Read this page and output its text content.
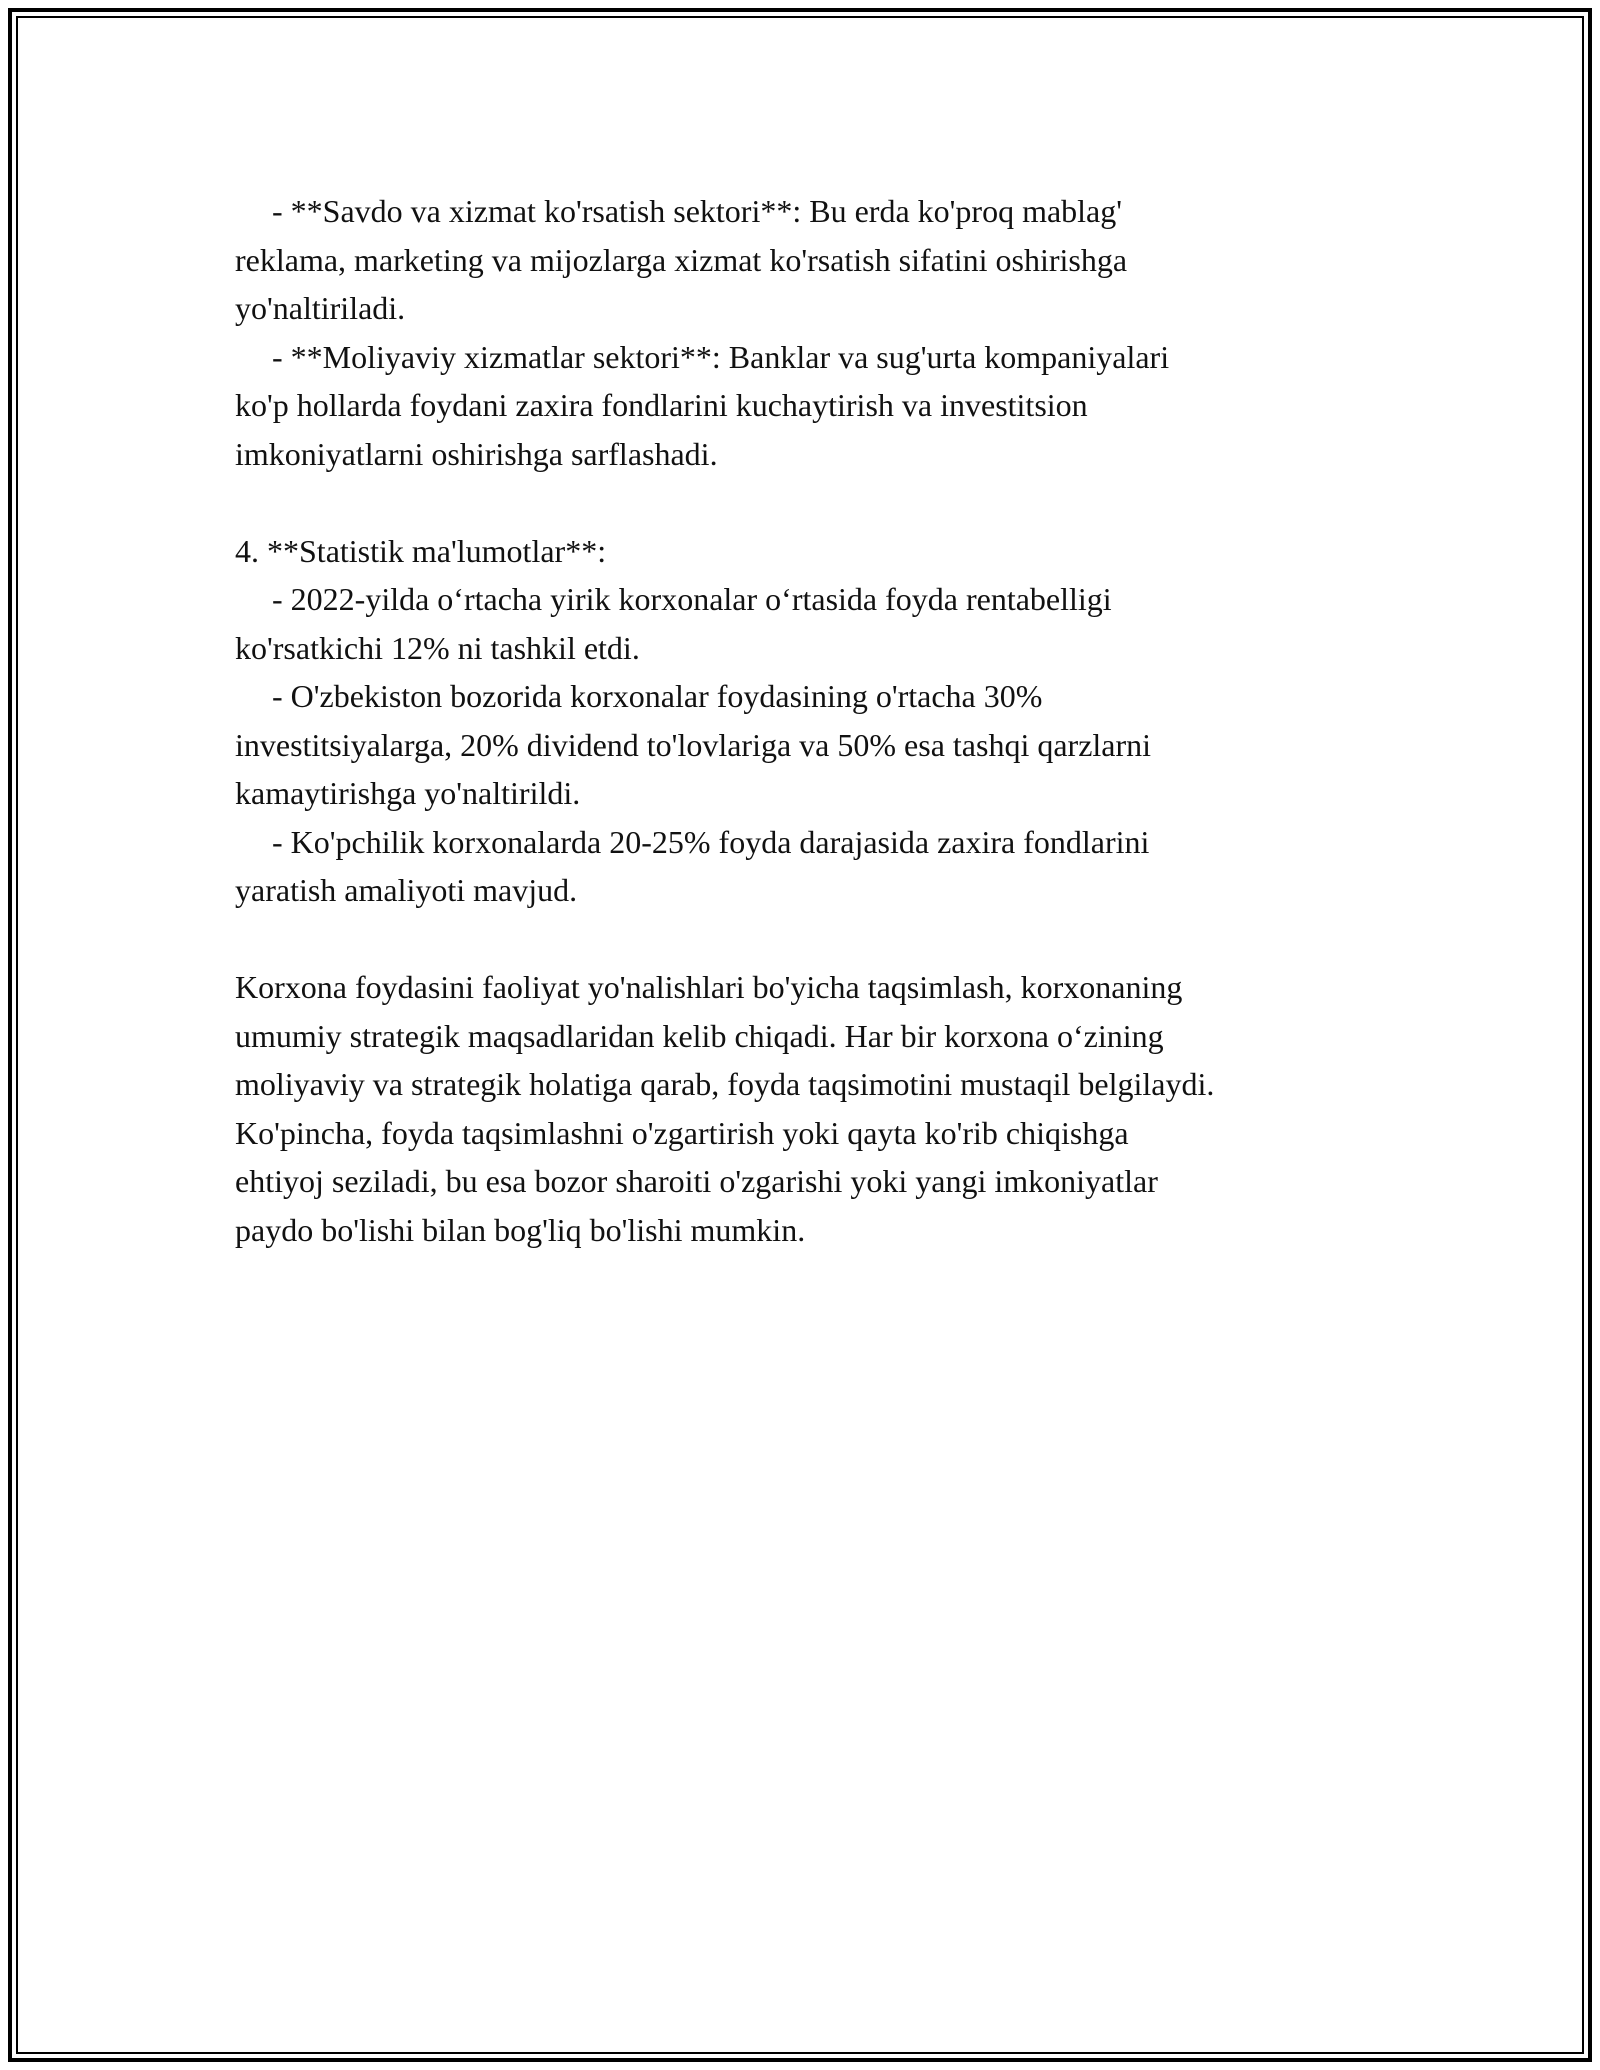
- **Savdo va xizmat ko'rsatish sektori**: Bu erda ko'proq mablag'
reklama, marketing va mijozlarga xizmat ko'rsatish sifatini oshirishga
yo'naltiriladi.
- **Moliyaviy xizmatlar sektori**: Banklar va sug'urta kompaniyalari
ko'p hollarda foydani zaxira fondlarini kuchaytirish va investitsion
imkoniyatlarni oshirishga sarflashadi.
4. **Statistik ma'lumotlar**:
- 2022-yilda o‘rtacha yirik korxonalar o‘rtasida foyda rentabelligi
ko'rsatkichi 12% ni tashkil etdi.
- O'zbekiston bozorida korxonalar foydasining o'rtacha 30%
investitsiyalarga, 20% dividend to'lovlariga va 50% esa tashqi qarzlarni
kamaytirishga yo'naltirildi.
- Ko'pchilik korxonalarda 20-25% foyda darajasida zaxira fondlarini
yaratish amaliyoti mavjud.
Korxona foydasini faoliyat yo'nalishlari bo'yicha taqsimlash, korxonaning
umumiy strategik maqsadlaridan kelib chiqadi. Har bir korxona o‘zining
moliyaviy va strategik holatiga qarab, foyda taqsimotini mustaqil belgilaydi.
Ko'pincha, foyda taqsimlashni o'zgartirish yoki qayta ko'rib chiqishga
ehtiyoj seziladi, bu esa bozor sharoiti o'zgarishi yoki yangi imkoniyatlar
paydo bo'lishi bilan bog'liq bo'lishi mumkin.
